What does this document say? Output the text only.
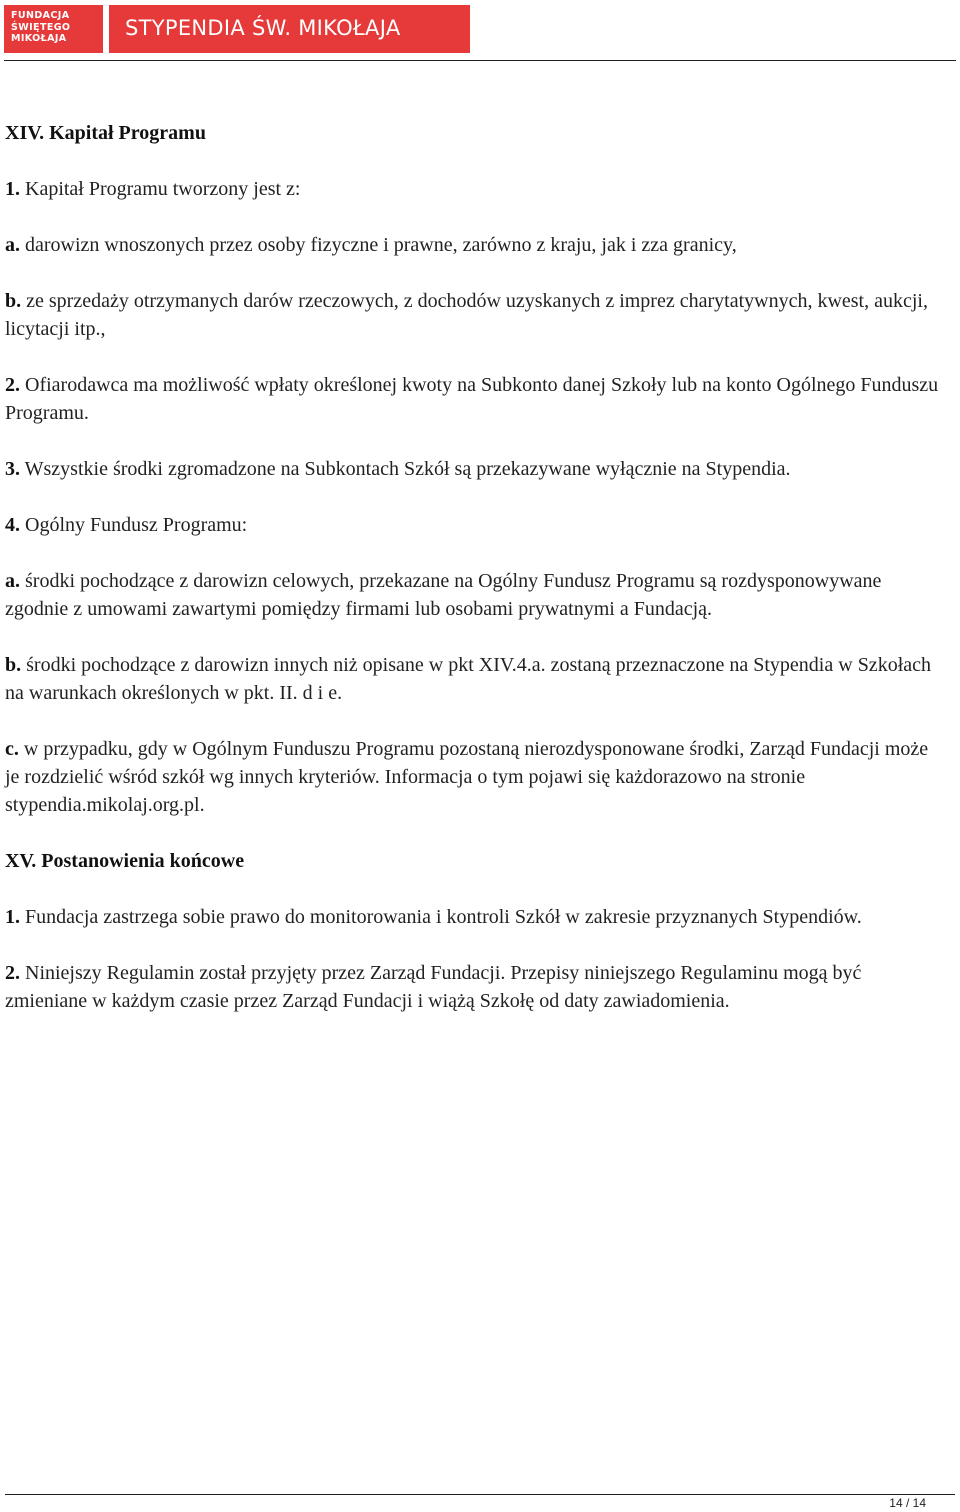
FUNDACJA
ŚWIĘTEGO
MIKOŁAJA	STYPENDIA ŚW. MIKOŁAJA

XIV. Kapitał Programu

1. Kapitał Programu tworzony jest z:

a. darowizn wnoszonych przez osoby fizyczne i prawne, zarówno z kraju, jak i zza granicy,

b. ze sprzedaży otrzymanych darów rzeczowych, z dochodów uzyskanych z imprez charytatywnych, kwest, aukcji, licytacji itp.,

2. Ofiarodawca ma możliwość wpłaty określonej kwoty na Subkonto danej Szkoły lub na konto Ogólnego Funduszu Programu.

3. Wszystkie środki zgromadzone na Subkontach Szkół są przekazywane wyłącznie na Stypendia.

4. Ogólny Fundusz Programu:

a. środki pochodzące z darowizn celowych, przekazane na Ogólny Fundusz Programu są rozdysponowywane zgodnie z umowami zawartymi pomiędzy firmami lub osobami prywatnymi a Fundacją.

b. środki pochodzące z darowizn innych niż opisane w pkt XIV.4.a. zostaną przeznaczone na Stypendia w Szkołach na warunkach określonych w pkt. II. d i e.

c. w przypadku, gdy w Ogólnym Funduszu Programu pozostaną nierozdysponowane środki, Zarząd Fundacji może je rozdzielić wśród szkół wg innych kryteriów. Informacja o tym pojawi się każdorazowo na stronie stypendia.mikolaj.org.pl.

XV. Postanowienia końcowe

1. Fundacja zastrzega sobie prawo do monitorowania i kontroli Szkół w zakresie przyznanych Stypendiów.

2. Niniejszy Regulamin został przyjęty przez Zarząd Fundacji. Przepisy niniejszego Regulaminu mogą być zmieniane w każdym czasie przez Zarząd Fundacji i wiążą Szkołę od daty zawiadomienia.

14 / 14
